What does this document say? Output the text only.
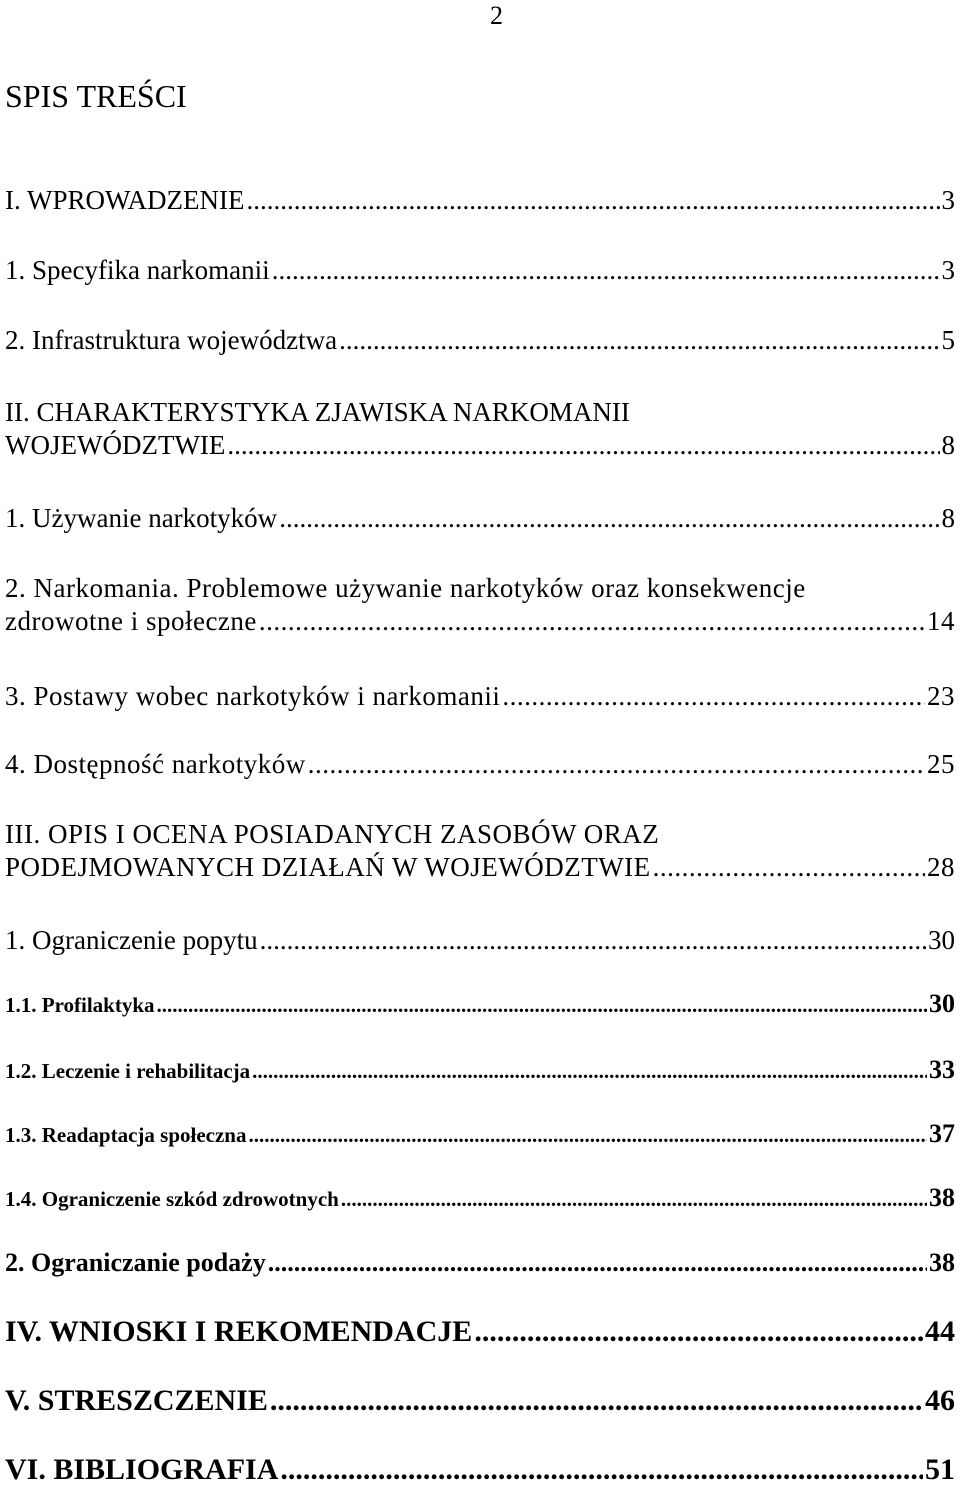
2
SPIS TREŚCI
I. WPROWADZENIE .....	3
1. Specyfika narkomanii .....	3
2. Infrastruktura województwa .....	5
II. CHARAKTERYSTYKA ZJAWISKA NARKOMANII
WOJEWÓDZTWIE .....	8
1. Używanie narkotyków .....	8
2. Narkomania. Problemowe używanie narkotyków oraz konsekwencje
zdrowotne i społeczne .....	14
3. Postawy wobec narkotyków i narkomanii .....	23
4. Dostępność narkotyków .....	25
III. OPIS I OCENA POSIADANYCH ZASOBÓW ORAZ
PODEJMOWANYCH DZIAŁAŃ W WOJEWÓDZTWIE .....	28
1. Ograniczenie popytu .....	30
1.1. Profilaktyka .....	30
1.2. Leczenie i rehabilitacja .....	33
1.3. Readaptacja społeczna .....	37
1.4. Ograniczenie szkód zdrowotnych .....	38
2. Ograniczanie podaży .....	38
IV. WNIOSKI I REKOMENDACJE .....	44
V. STRESZCZENIE .....	46
VI. BIBLIOGRAFIA .....	51
